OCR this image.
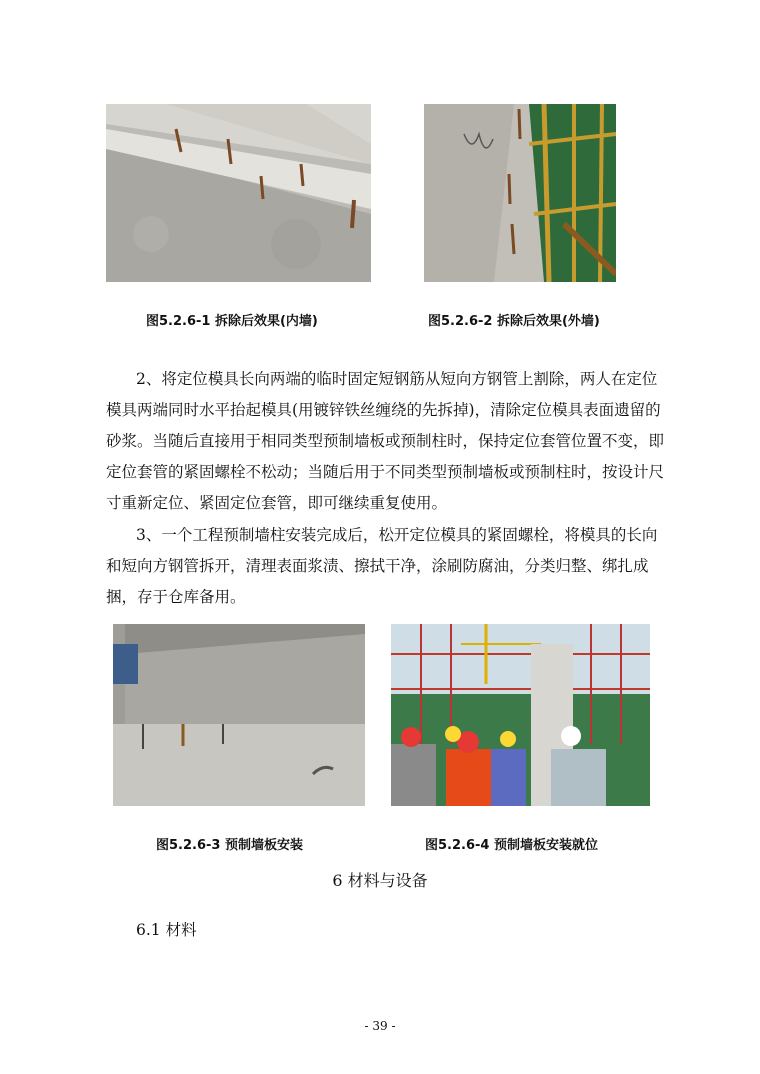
图5.2.6-1 拆除后效果(内墙)	图5.2.6-2 拆除后效果(外墙)

2、将定位模具长向两端的临时固定短钢筋从短向方钢管上割除，两人在定位模具两端同时水平抬起模具(用镀锌铁丝缠绕的先拆掉)，清除定位模具表面遗留的砂浆。当随后直接用于相同类型预制墙板或预制柱时，保持定位套管位置不变，即定位套管的紧固螺栓不松动；当随后用于不同类型预制墙板或预制柱时，按设计尺寸重新定位、紧固定位套管，即可继续重复使用。

3、一个工程预制墙柱安装完成后，松开定位模具的紧固螺栓，将模具的长向和短向方钢管拆开，清理表面浆渍、擦拭干净，涂刷防腐油，分类归整、绑扎成捆，存于仓库备用。

图5.2.6-3 预制墙板安装	图5.2.6-4 预制墙板安装就位
6 材料与设备
6.1 材料
- 39 -
